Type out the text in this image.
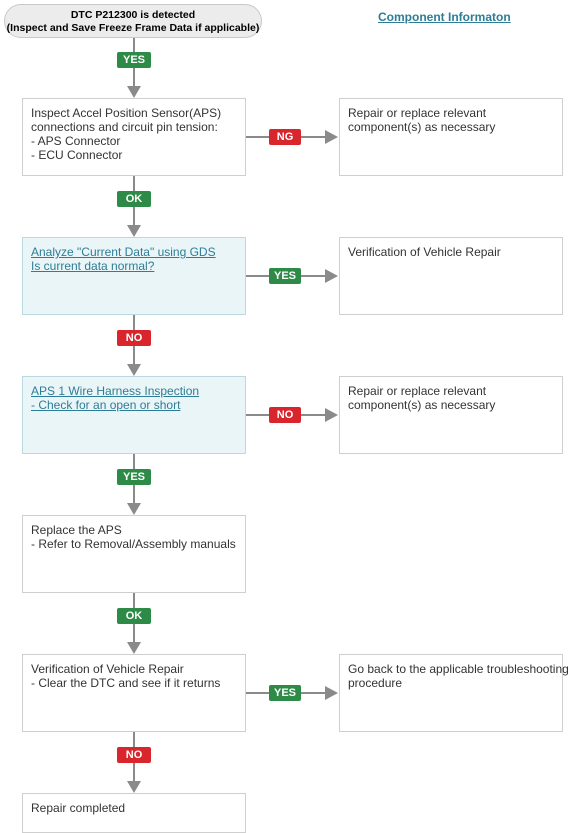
DTC P212300 is detected
(Inspect and Save Freeze Frame Data if applicable)
Component Informaton
YES
Inspect Accel Position Sensor(APS)
connections and circuit pin tension:
- APS Connector
- ECU Connector
NG
Repair or replace relevant
component(s) as necessary
OK
Analyze "Current Data" using GDS
Is current data normal?
YES
Verification of Vehicle Repair
NO
APS 1 Wire Harness Inspection
- Check for an open or short
NO
Repair or replace relevant
component(s) as necessary
YES
Replace the APS
- Refer to Removal/Assembly manuals
OK
Verification of Vehicle Repair
- Clear the DTC and see if it returns
YES
Go back to the applicable troubleshooting
procedure
NO
Repair completed
